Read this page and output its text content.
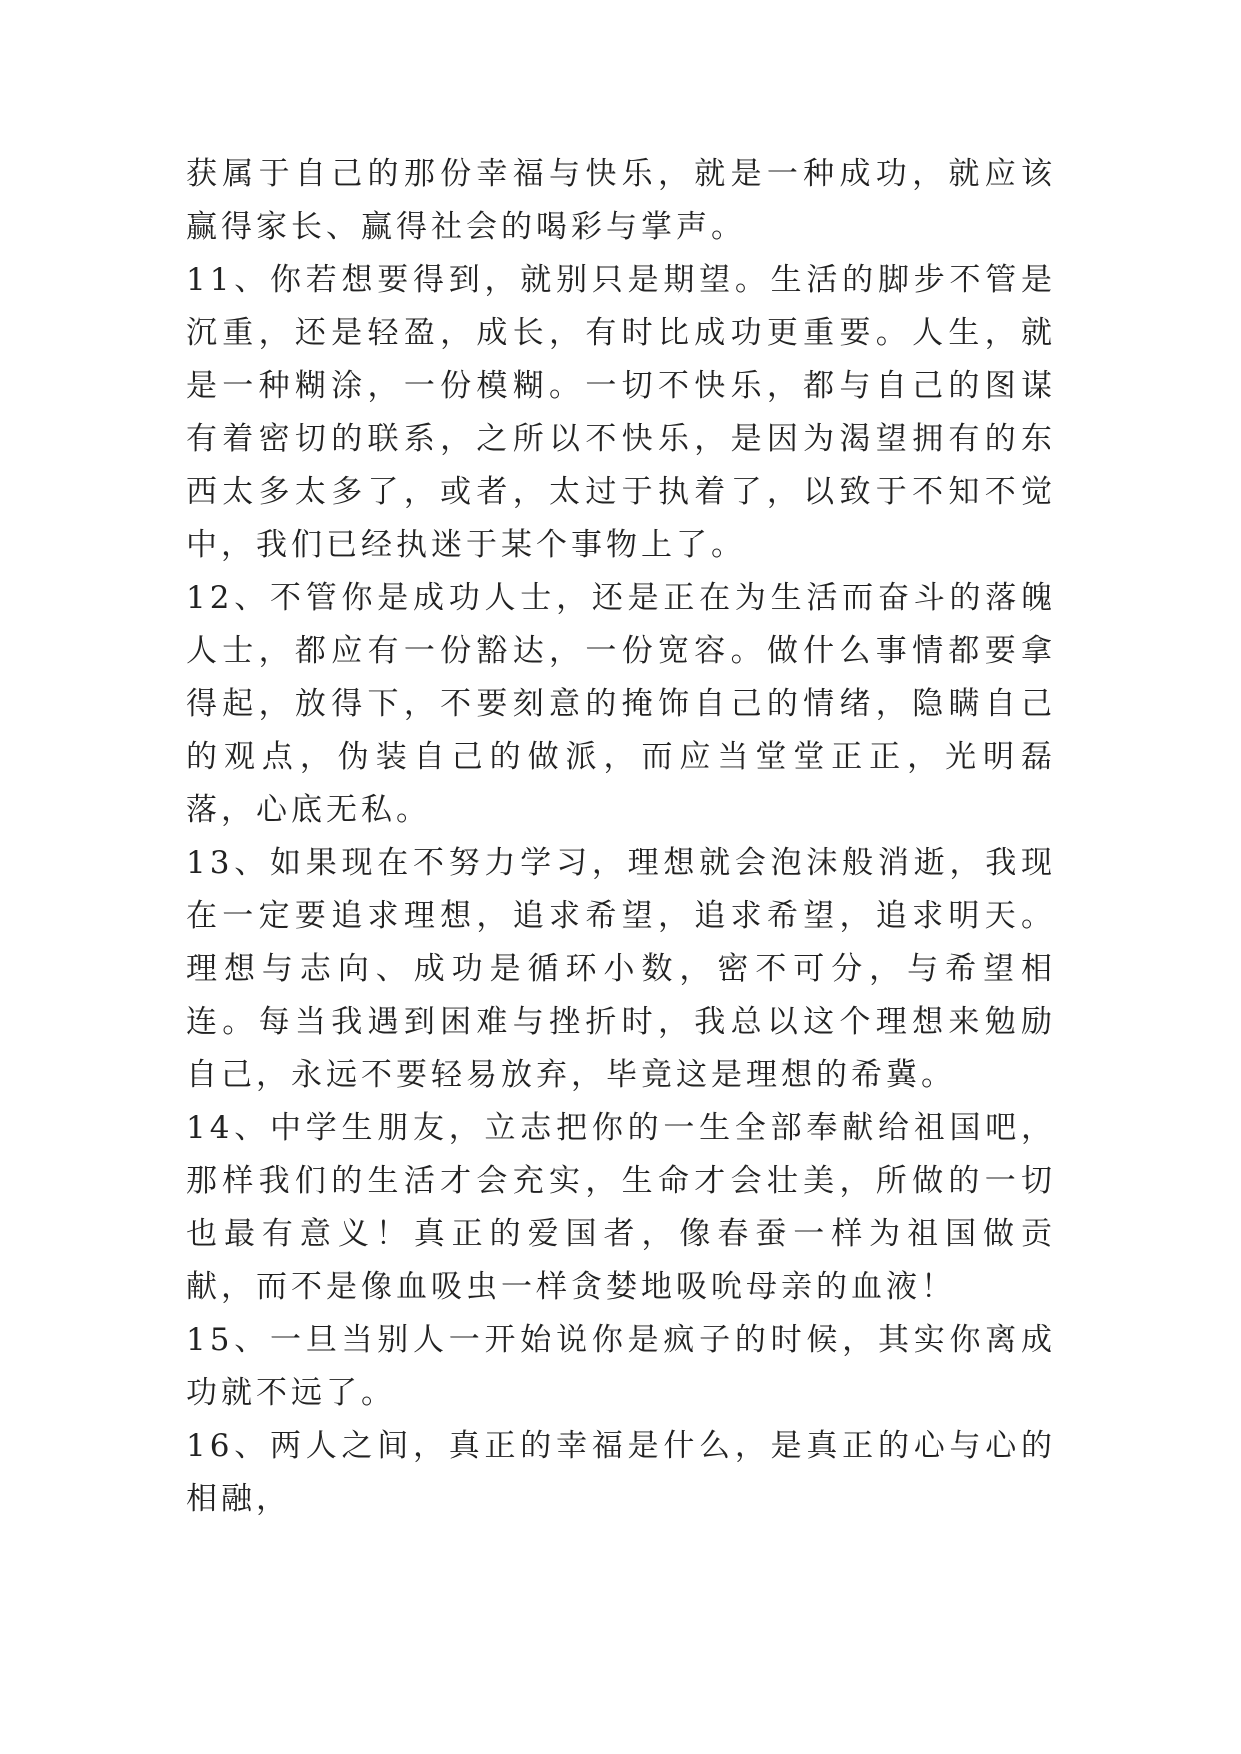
获属于自己的那份幸福与快乐，就是一种成功，就应该赢得家长、赢得社会的喝彩与掌声。

11、你若想要得到，就别只是期望。生活的脚步不管是沉重，还是轻盈，成长，有时比成功更重要。人生，就是一种糊涂，一份模糊。一切不快乐，都与自己的图谋有着密切的联系，之所以不快乐，是因为渴望拥有的东西太多太多了，或者，太过于执着了，以致于不知不觉中，我们已经执迷于某个事物上了。

12、不管你是成功人士，还是正在为生活而奋斗的落魄人士，都应有一份豁达，一份宽容。做什么事情都要拿得起，放得下，不要刻意的掩饰自己的情绪，隐瞒自己的观点，伪装自己的做派，而应当堂堂正正，光明磊落，心底无私。

13、如果现在不努力学习，理想就会泡沫般消逝，我现在一定要追求理想，追求希望，追求希望，追求明天。理想与志向、成功是循环小数，密不可分，与希望相连。每当我遇到困难与挫折时，我总以这个理想来勉励自己，永远不要轻易放弃，毕竟这是理想的希冀。

14、中学生朋友，立志把你的一生全部奉献给祖国吧，那样我们的生活才会充实，生命才会壮美，所做的一切也最有意义！真正的爱国者，像春蚕一样为祖国做贡献，而不是像血吸虫一样贪婪地吸吮母亲的血液！

15、一旦当别人一开始说你是疯子的时候，其实你离成功就不远了。

16、两人之间，真正的幸福是什么，是真正的心与心的相融，
